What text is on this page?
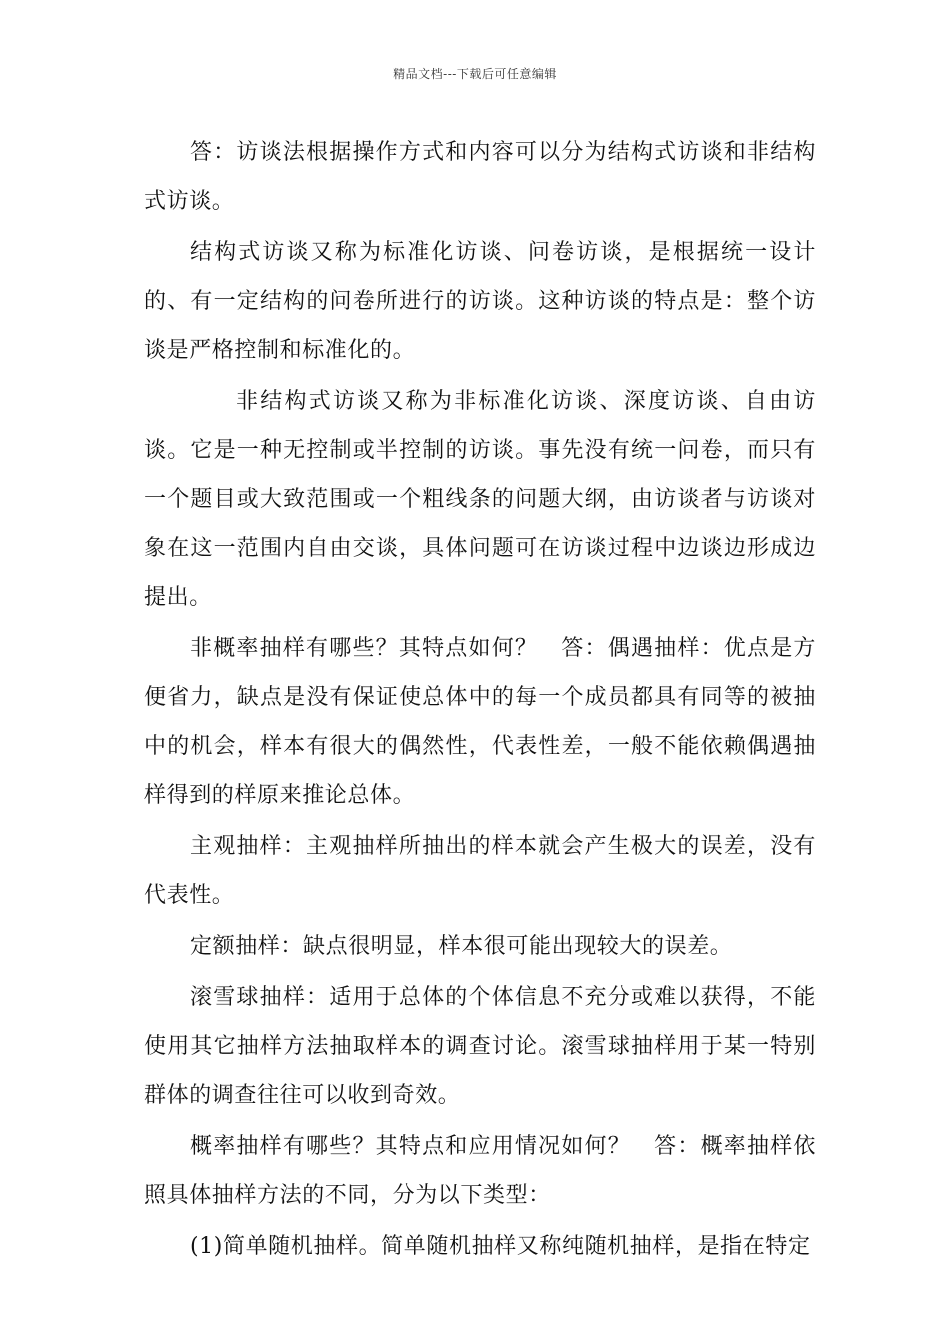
精品文档---下载后可任意编辑

答：访谈法根据操作方式和内容可以分为结构式访谈和非结构式访谈。

结构式访谈又称为标准化访谈、问卷访谈，是根据统一设计的、有一定结构的问卷所进行的访谈。这种访谈的特点是：整个访谈是严格控制和标准化的。

非结构式访谈又称为非标准化访谈、深度访谈、自由访谈。它是一种无控制或半控制的访谈。事先没有统一问卷，而只有一个题目或大致范围或一个粗线条的问题大纲，由访谈者与访谈对象在这一范围内自由交谈，具体问题可在访谈过程中边谈边形成边提出。

非概率抽样有哪些？其特点如何？　答：偶遇抽样：优点是方便省力，缺点是没有保证使总体中的每一个成员都具有同等的被抽中的机会，样本有很大的偶然性，代表性差，一般不能依赖偶遇抽样得到的样原来推论总体。

主观抽样：主观抽样所抽出的样本就会产生极大的误差，没有代表性。

定额抽样：缺点很明显，样本很可能出现较大的误差。

滚雪球抽样：适用于总体的个体信息不充分或难以获得，不能使用其它抽样方法抽取样本的调查讨论。滚雪球抽样用于某一特别群体的调查往往可以收到奇效。

概率抽样有哪些？其特点和应用情况如何？　答：概率抽样依照具体抽样方法的不同，分为以下类型：

(1)简单随机抽样。简单随机抽样又称纯随机抽样，是指在特定
